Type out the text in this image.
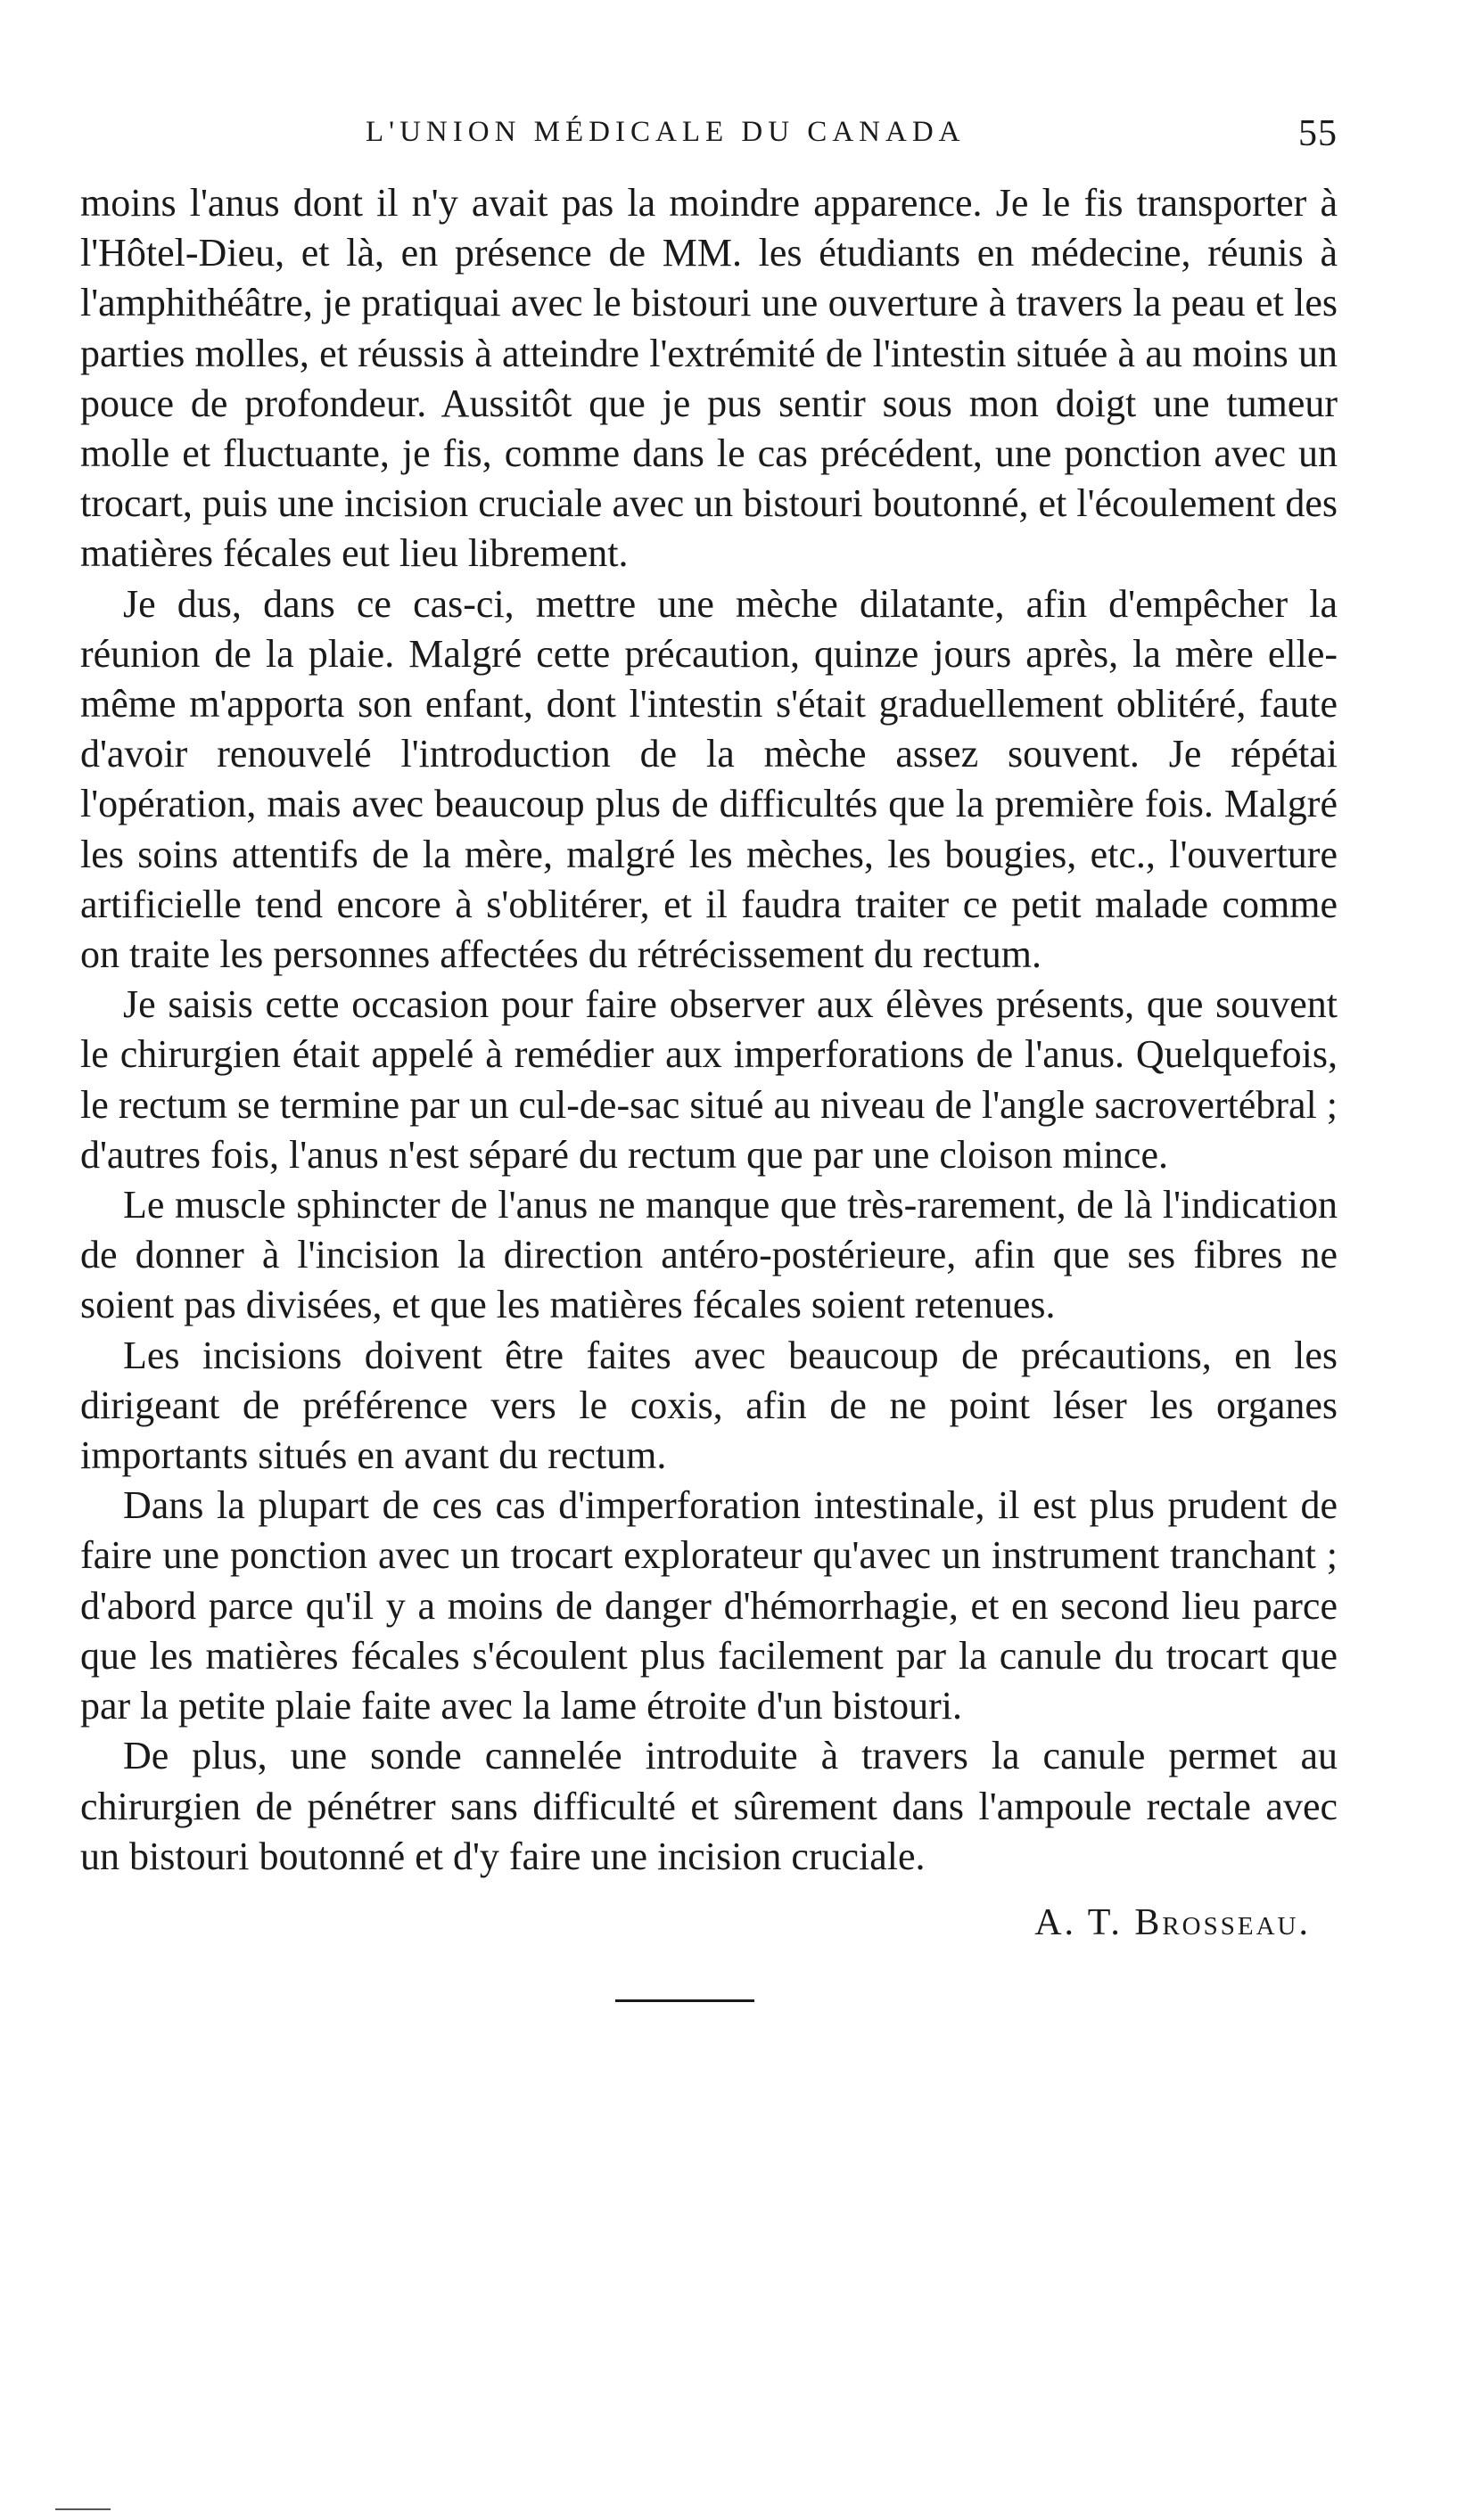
L'UNION MÉDICALE DU CANADA	55

moins l'anus dont il n'y avait pas la moindre apparence. Je le fis transporter à l'Hôtel-Dieu, et là, en présence de MM. les étudiants en médecine, réunis à l'amphithéâtre, je pratiquai avec le bistouri une ouverture à travers la peau et les parties molles, et réussis à atteindre l'extrémité de l'intestin située à au moins un pouce de profondeur. Aussitôt que je pus sentir sous mon doigt une tumeur molle et fluctuante, je fis, comme dans le cas précédent, une ponction avec un trocart, puis une incision cruciale avec un bistouri boutonné, et l'écoulement des matières fécales eut lieu librement.

Je dus, dans ce cas-ci, mettre une mèche dilatante, afin d'empêcher la réunion de la plaie. Malgré cette précaution, quinze jours après, la mère elle-même m'apporta son enfant, dont l'intestin s'était graduellement oblitéré, faute d'avoir renouvelé l'introduction de la mèche assez souvent. Je répétai l'opération, mais avec beaucoup plus de difficultés que la première fois. Malgré les soins attentifs de la mère, malgré les mèches, les bougies, etc., l'ouverture artificielle tend encore à s'oblitérer, et il faudra traiter ce petit malade comme on traite les personnes affectées du rétrécissement du rectum.

Je saisis cette occasion pour faire observer aux élèves présents, que souvent le chirurgien était appelé à remédier aux imperforations de l'anus. Quelquefois, le rectum se termine par un cul-de-sac situé au niveau de l'angle sacrovertébral ; d'autres fois, l'anus n'est séparé du rectum que par une cloison mince.

Le muscle sphincter de l'anus ne manque que très-rarement, de là l'indication de donner à l'incision la direction antéro-postérieure, afin que ses fibres ne soient pas divisées, et que les matières fécales soient retenues.

Les incisions doivent être faites avec beaucoup de précautions, en les dirigeant de préférence vers le coxis, afin de ne point léser les organes importants situés en avant du rectum.

Dans la plupart de ces cas d'imperforation intestinale, il est plus prudent de faire une ponction avec un trocart explorateur qu'avec un instrument tranchant ; d'abord parce qu'il y a moins de danger d'hémorrhagie, et en second lieu parce que les matières fécales s'écoulent plus facilement par la canule du trocart que par la petite plaie faite avec la lame étroite d'un bistouri.

De plus, une sonde cannelée introduite à travers la canule permet au chirurgien de pénétrer sans difficulté et sûrement dans l'ampoule rectale avec un bistouri boutonné et d'y faire une incision cruciale.

A. T. Brosseau.
